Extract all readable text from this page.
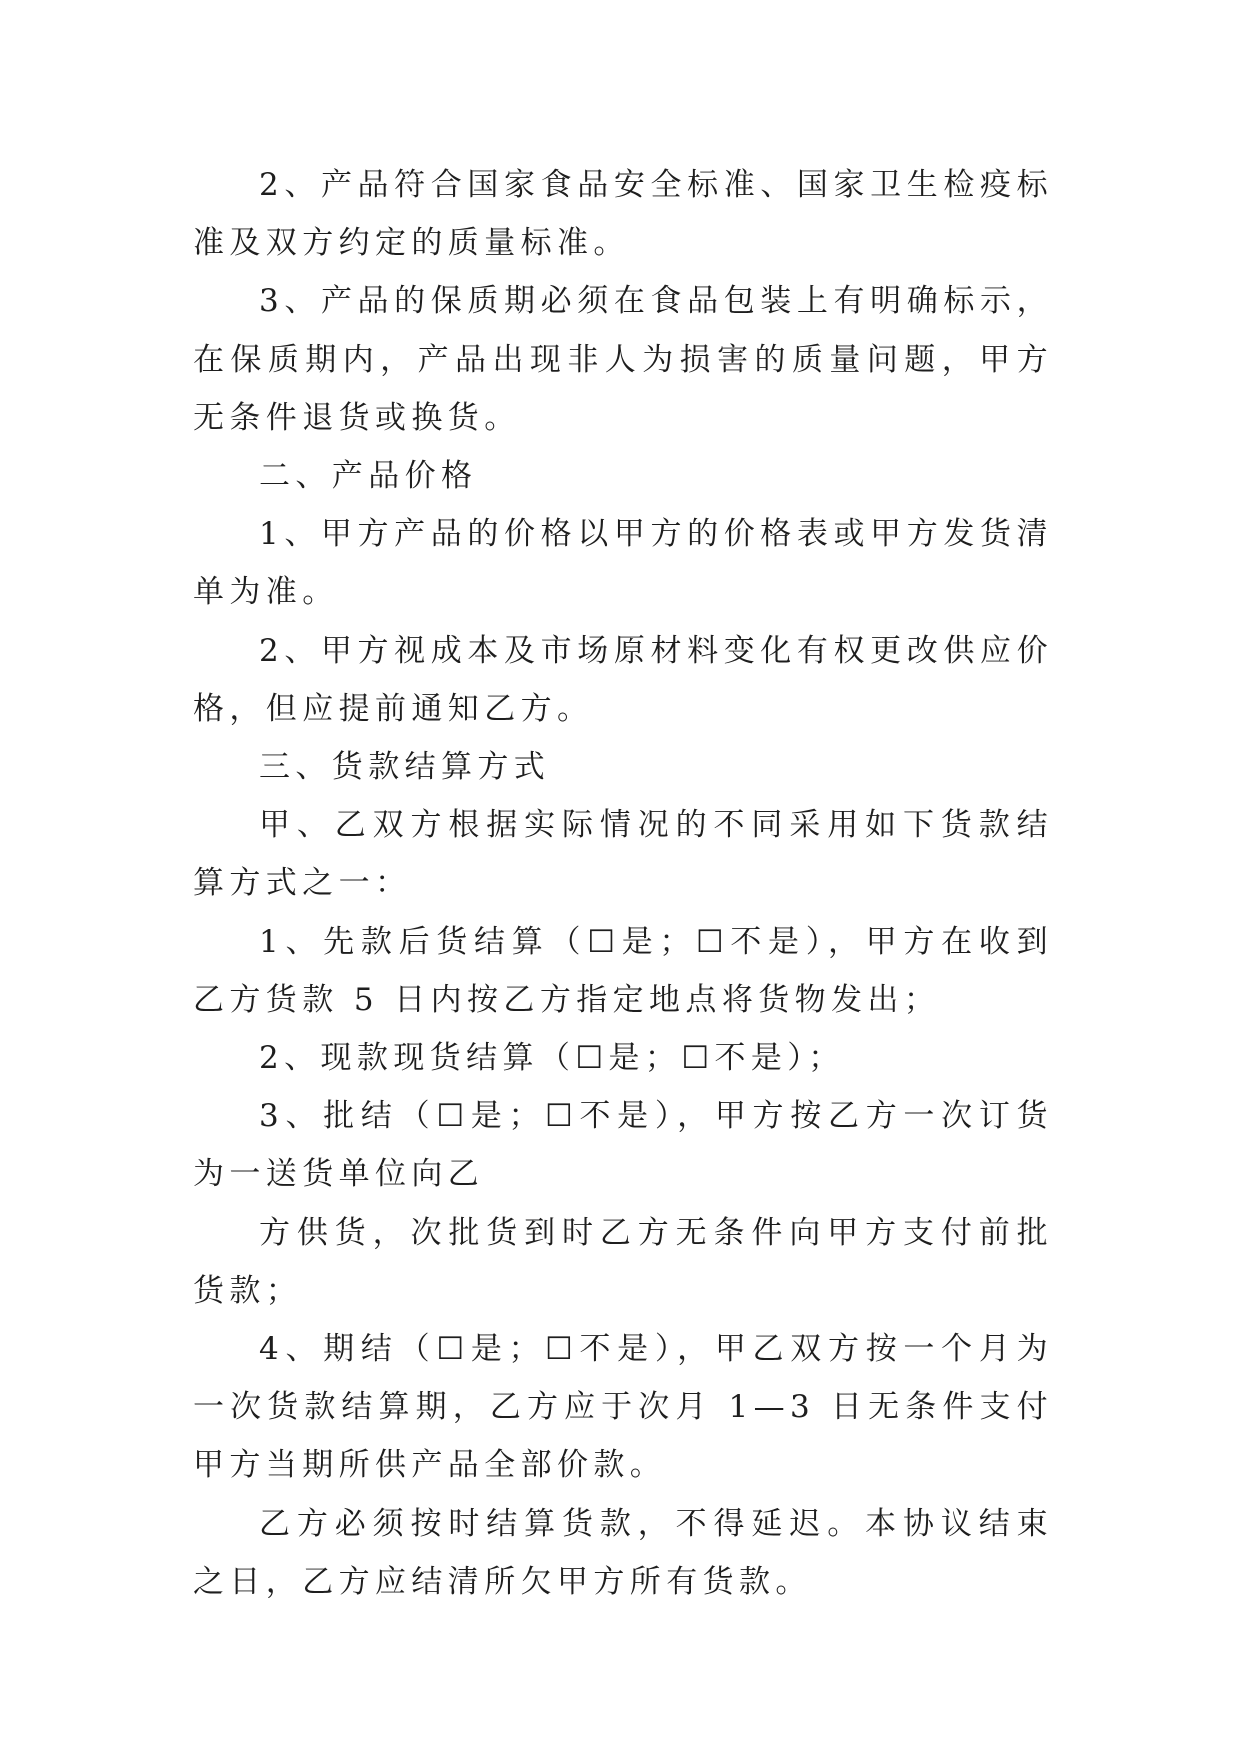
2、产品符合国家食品安全标准、国家卫生检疫标准及双方约定的质量标准。

3、产品的保质期必须在食品包装上有明确标示，在保质期内，产品出现非人为损害的质量问题，甲方无条件退货或换货。

二、产品价格

1、甲方产品的价格以甲方的价格表或甲方发货清单为准。

2、甲方视成本及市场原材料变化有权更改供应价格，但应提前通知乙方。

三、货款结算方式

甲、乙双方根据实际情况的不同采用如下货款结算方式之一：

1、先款后货结算（☐是；☐不是），甲方在收到乙方货款 5 日内按乙方指定地点将货物发出；

2、现款现货结算（☐是；☐不是）；

3、批结（☐是；☐不是），甲方按乙方一次订货为一送货单位向乙

方供货，次批货到时乙方无条件向甲方支付前批货款；

4、期结（☐是；☐不是），甲乙双方按一个月为一次货款结算期，乙方应于次月 1—3 日无条件支付甲方当期所供产品全部价款。

乙方必须按时结算货款，不得延迟。本协议结束之日，乙方应结清所欠甲方所有货款。
